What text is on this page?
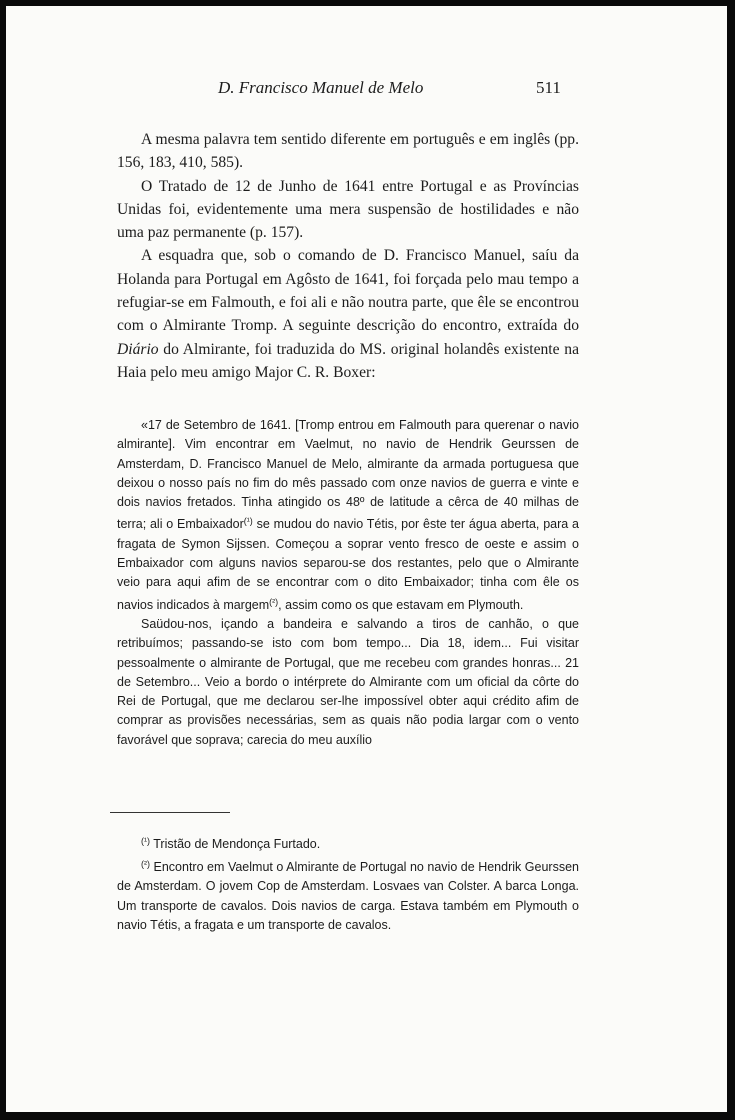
D. Francisco Manuel de Melo	511

A mesma palavra tem sentido diferente em português e em inglês (pp. 156, 183, 410, 585).

O Tratado de 12 de Junho de 1641 entre Portugal e as Províncias Unidas foi, evidentemente uma mera suspensão de hostilidades e não uma paz permanente (p. 157).

A esquadra que, sob o comando de D. Francisco Manuel, saíu da Holanda para Portugal em Agôsto de 1641, foi forçada pelo mau tempo a refugiar-se em Falmouth, e foi ali e não noutra parte, que êle se encontrou com o Almirante Tromp. A seguinte descrição do encontro, extraída do Diário do Almirante, foi traduzida do MS. original holandês existente na Haia pelo meu amigo Major C. R. Boxer:

«17 de Setembro de 1641. [Tromp entrou em Falmouth para querenar o navio almirante]. Vim encontrar em Vaelmut, no navio de Hendrik Geurssen de Amsterdam, D. Francisco Manuel de Melo, almirante da armada portuguesa que deixou o nosso país no fim do mês passado com onze navios de guerra e vinte e dois navios fretados. Tinha atingido os 48º de latitude a cêrca de 40 milhas de terra; ali o Embaixador$^{(^1)}$ se mudou do navio Tétis, por êste ter água aberta, para a fragata de Symon Sijssen. Começou a soprar vento fresco de oeste e assim o Embaixador com alguns navios separou-se dos restantes, pelo que o Almirante veio para aqui afim de se encontrar com o dito Embaixador; tinha com êle os navios indicados à margem$^{(^2)}$, assim como os que estavam em Plymouth.

Saüdou-nos, içando a bandeira e salvando a tiros de canhão, o que retribuímos; passando-se isto com bom tempo... Dia 18, idem... Fui visitar pessoalmente o almirante de Portugal, que me recebeu com grandes honras... 21 de Setembro... Veio a bordo o intérprete do Almirante com um oficial da côrte do Rei de Portugal, que me declarou ser-lhe impossível obter aqui crédito afim de comprar as provisões necessárias, sem as quais não podia largar com o vento favorável que soprava; carecia do meu auxílio

$^{(^1)}$ Tristão de Mendonça Furtado.

$^{(^2)}$ Encontro em Vaelmut o Almirante de Portugal no navio de Hendrik Geurssen de Amsterdam. O jovem Cop de Amsterdam. Losvaes van Colster. A barca Longa. Um transporte de cavalos. Dois navios de carga. Estava também em Plymouth o navio Tétis, a fragata e um transporte de cavalos.
